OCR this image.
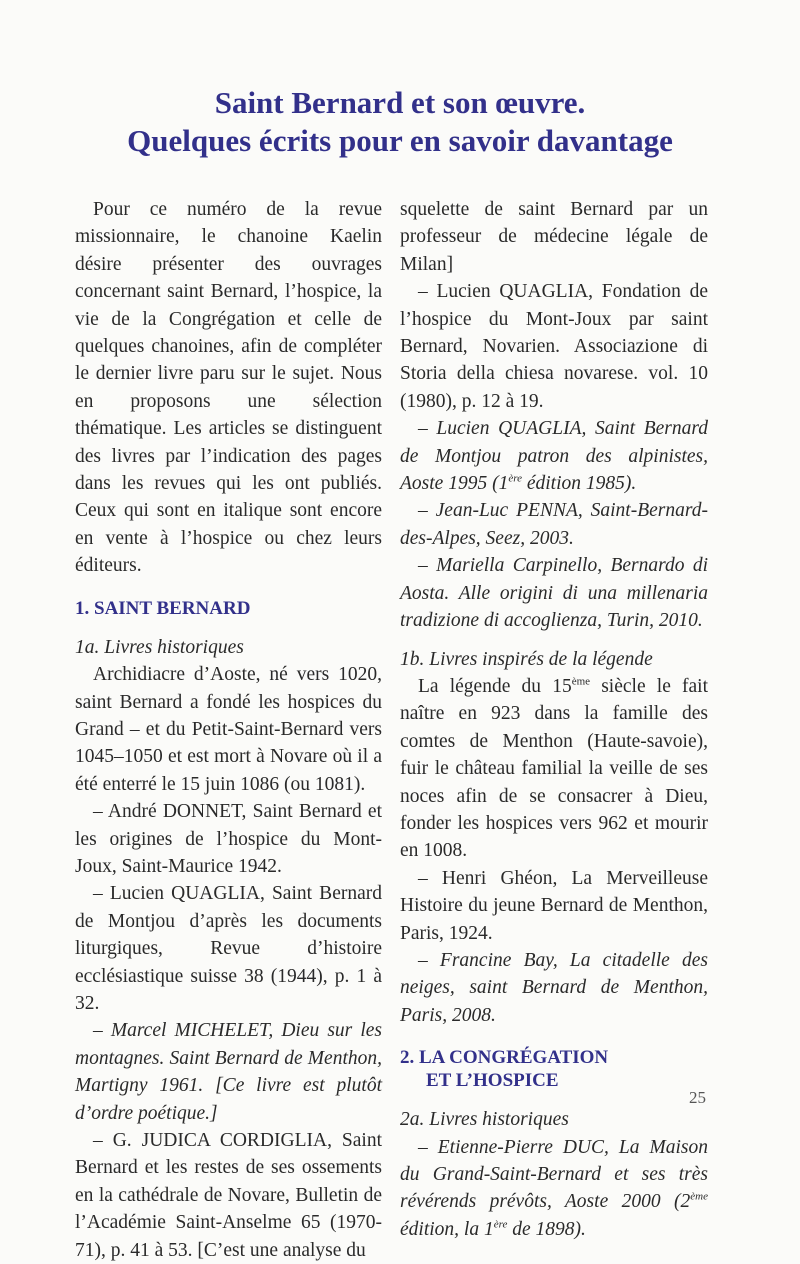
Saint Bernard et son œuvre.
Quelques écrits pour en savoir davantage

Pour ce numéro de la revue missionnaire, le chanoine Kaelin désire présenter des ouvrages concernant saint Bernard, l’hospice, la vie de la Congrégation et celle de quelques chanoines, afin de compléter le dernier livre paru sur le sujet. Nous en proposons une sélection thématique. Les articles se distinguent des livres par l’indication des pages dans les revues qui les ont publiés. Ceux qui sont en italique sont encore en vente à l’hospice ou chez leurs éditeurs.

1. SAINT BERNARD

1a. Livres historiques

Archidiacre d’Aoste, né vers 1020, saint Bernard a fondé les hospices du Grand – et du Petit-Saint-Bernard vers 1045–1050 et est mort à Novare où il a été enterré le 15 juin 1086 (ou 1081).

– André DONNET, Saint Bernard et les origines de l’hospice du Mont-Joux, Saint-Maurice 1942.

– Lucien QUAGLIA, Saint Bernard de Montjou d’après les documents liturgiques, Revue d’histoire ecclésiastique suisse 38 (1944), p. 1 à 32.

– Marcel MICHELET, Dieu sur les montagnes. Saint Bernard de Menthon, Martigny 1961. [Ce livre est plutôt d’ordre poétique.]

– G. JUDICA CORDIGLIA, Saint Bernard et les restes de ses ossements en la cathédrale de Novare, Bulletin de l’Académie Saint-Anselme 65 (1970-71), p. 41 à 53. [C’est une analyse du

squelette de saint Bernard par un professeur de médecine légale de Milan]

– Lucien QUAGLIA, Fondation de l’hospice du Mont-Joux par saint Bernard, Novarien. Associazione di Storia della chiesa novarese. vol. 10 (1980), p. 12 à 19.

– Lucien QUAGLIA, Saint Bernard de Montjou patron des alpinistes, Aoste 1995 (1ère édition 1985).

– Jean-Luc PENNA, Saint-Bernard-des-Alpes, Seez, 2003.

– Mariella Carpinello, Bernardo di Aosta. Alle origini di una millenaria tradizione di accoglienza, Turin, 2010.

1b. Livres inspirés de la légende

La légende du 15ème siècle le fait naître en 923 dans la famille des comtes de Menthon (Haute-savoie), fuir le château familial la veille de ses noces afin de se consacrer à Dieu, fonder les hospices vers 962 et mourir en 1008.

– Henri Ghéon, La Merveilleuse Histoire du jeune Bernard de Menthon, Paris, 1924.

– Francine Bay, La citadelle des neiges, saint Bernard de Menthon, Paris, 2008.

2. LA CONGRÉGATION
ET L’HOSPICE

2a. Livres historiques

– Etienne-Pierre DUC, La Maison du Grand-Saint-Bernard et ses très révérends prévôts, Aoste 2000 (2ème édition, la 1ère de 1898).

25
